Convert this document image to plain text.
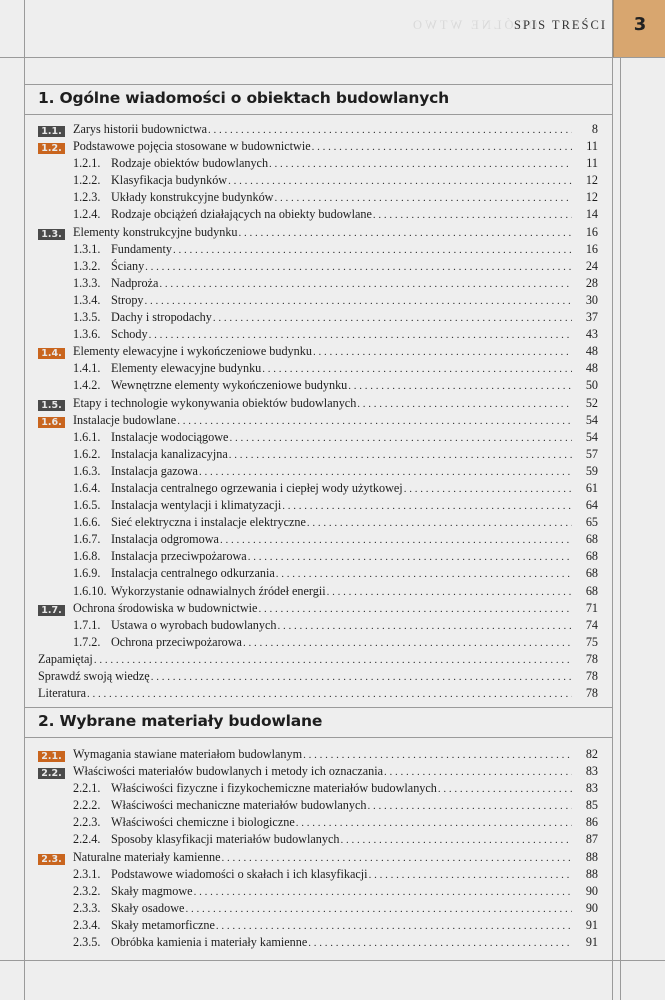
OGÓLNE WTWO
SPIS TREŚCI	3
1. Ogólne wiadomości o obiektach budowlanych
1.1. Zarys historii budownictwa . . .	8
1.2. Podstawowe pojęcia stosowane w budownictwie . . .	11
1.2.1. Rodzaje obiektów budowlanych . . .	11
1.2.2. Klasyfikacja budynków . . .	12
1.2.3. Układy konstrukcyjne budynków . . .	12
1.2.4. Rodzaje obciążeń działających na obiekty budowlane . . .	14
1.3. Elementy konstrukcyjne budynku . . .	16
1.3.1. Fundamenty . . .	16
1.3.2. Ściany . . .	24
1.3.3. Nadproża . . .	28
1.3.4. Stropy . . .	30
1.3.5. Dachy i stropodachy . . .	37
1.3.6. Schody . . .	43
1.4. Elementy elewacyjne i wykończeniowe budynku . . .	48
1.4.1. Elementy elewacyjne budynku . . .	48
1.4.2. Wewnętrzne elementy wykończeniowe budynku . . .	50
1.5. Etapy i technologie wykonywania obiektów budowlanych . . .	52
1.6. Instalacje budowlane . . .	54
1.6.1. Instalacje wodociągowe . . .	54
1.6.2. Instalacja kanalizacyjna . . .	57
1.6.3. Instalacja gazowa . . .	59
1.6.4. Instalacja centralnego ogrzewania i ciepłej wody użytkowej . . .	61
1.6.5. Instalacja wentylacji i klimatyzacji . . .	64
1.6.6. Sieć elektryczna i instalacje elektryczne . . .	65
1.6.7. Instalacja odgromowa . . .	68
1.6.8. Instalacja przeciwpożarowa . . .	68
1.6.9. Instalacja centralnego odkurzania . . .	68
1.6.10. Wykorzystanie odnawialnych źródeł energii . . .	68
1.7. Ochrona środowiska w budownictwie . . .	71
1.7.1. Ustawa o wyrobach budowlanych . . .	74
1.7.2. Ochrona przeciwpożarowa . . .	75
Zapamiętaj . . .	78
Sprawdź swoją wiedzę . . .	78
Literatura . . .	78
2. Wybrane materiały budowlane
2.1. Wymagania stawiane materiałom budowlanym . . .	82
2.2. Właściwości materiałów budowlanych i metody ich oznaczania . . .	83
2.2.1. Właściwości fizyczne i fizykochemiczne materiałów budowlanych . . .	83
2.2.2. Właściwości mechaniczne materiałów budowlanych . . .	85
2.2.3. Właściwości chemiczne i biologiczne . . .	86
2.2.4. Sposoby klasyfikacji materiałów budowlanych . . .	87
2.3. Naturalne materiały kamienne . . .	88
2.3.1. Podstawowe wiadomości o skałach i ich klasyfikacji . . .	88
2.3.2. Skały magmowe . . .	90
2.3.3. Skały osadowe . . .	90
2.3.4. Skały metamorficzne . . .	91
2.3.5. Obróbka kamienia i materiały kamienne . . .	91
